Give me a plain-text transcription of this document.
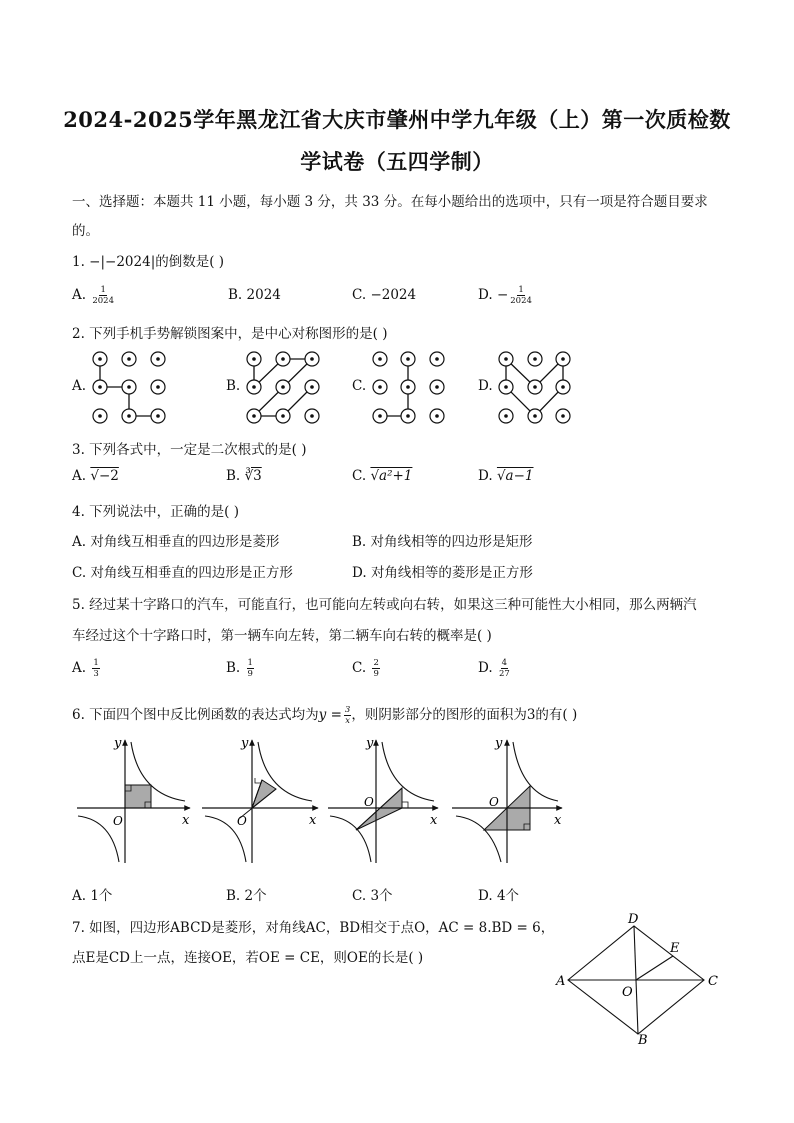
2024-2025学年黑龙江省大庆市肇州中学九年级（上）第一次质检数
学试卷（五四学制）
一、选择题：本题共 11 小题，每小题 3 分，共 33 分。在每小题给出的选项中，只有一项是符合题目要求
的。
1. −|−2024|的倒数是( )
A. $\frac{1}{2024}$	B. 2024	C. −2024	D. − $\frac{1}{2024}$
2. 下列手机手势解锁图案中，是中心对称图形的是( )
A.	B.	C.	D.
3. 下列各式中，一定是二次根式的是( )
A. √−2	B. ∛3	C. √a²+1	D. √a−1
4. 下列说法中，正确的是( )
A. 对角线互相垂直的四边形是菱形	B. 对角线相等的四边形是矩形
C. 对角线互相垂直的四边形是正方形	D. 对角线相等的菱形是正方形
5. 经过某十字路口的汽车，可能直行，也可能向左转或向右转，如果这三种可能性大小相同，那么两辆汽
车经过这个十字路口时，第一辆车向左转，第二辆车向右转的概率是( )
A. $\frac{1}{3}$	B. $\frac{1}{9}$	C. $\frac{2}{9}$	D. $\frac{4}{27}$
6. 下面四个图中反比例函数的表达式均为$y = \frac{3}{x}$ ，则阴影部分的图形的面积为3的有( )
y
x
O
y
x
O
y
x
O
y
x
O
A. 1个	B. 2个	C. 3个	D. 4个
7. 如图，四边形ABCD是菱形，对角线AC，BD相交于点O，AC = 8.BD = 6，
点E是CD上一点，连接OE，若OE = CE，则OE的长是( )
A
D
C
B
E
O
